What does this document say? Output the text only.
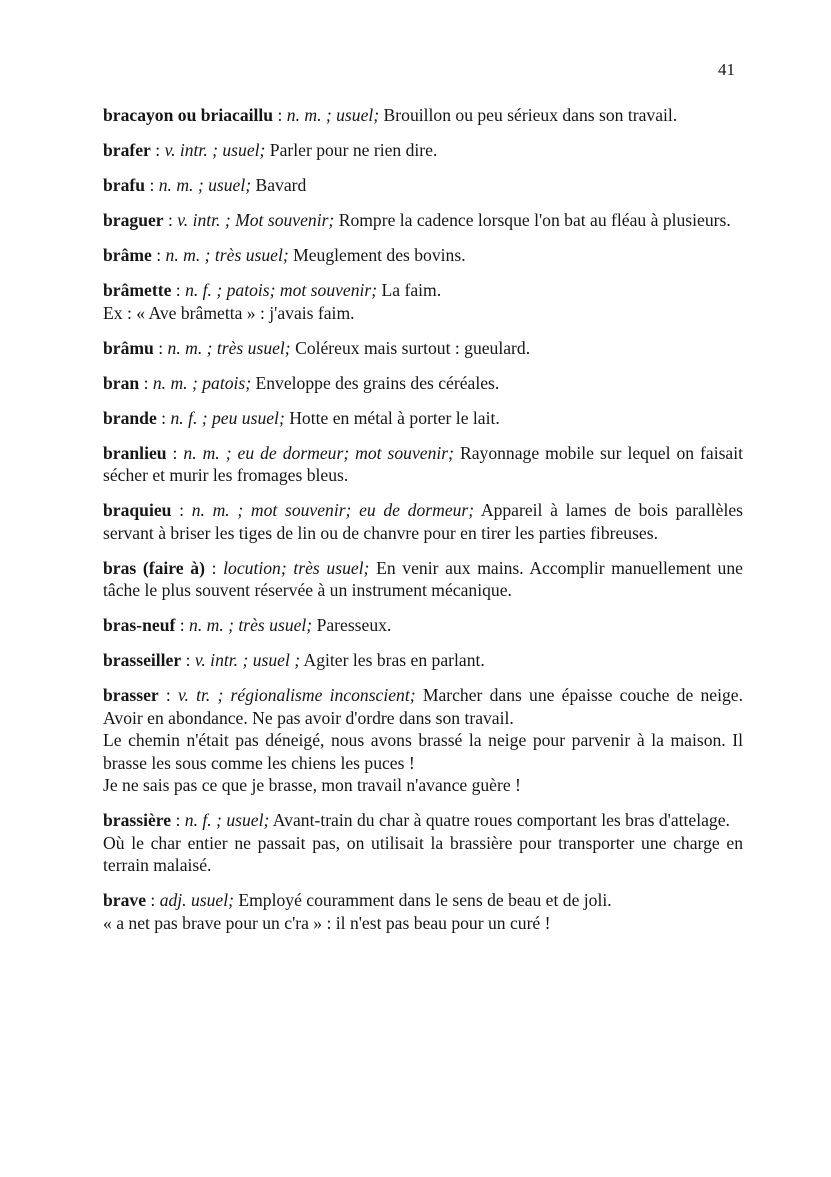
41
bracayon ou briacaillu : n. m. ; usuel; Brouillon ou peu sérieux dans son travail.
brafer : v. intr. ; usuel; Parler pour ne rien dire.
brafu : n. m. ; usuel; Bavard
braguer : v. intr. ; Mot souvenir; Rompre la cadence lorsque l'on bat au fléau à plusieurs.
brâme : n. m. ; très usuel; Meuglement des bovins.
brâmette : n. f. ; patois; mot souvenir; La faim.
Ex : « Ave brâmetta » : j'avais faim.
brâmu : n. m. ; très usuel; Coléreux mais surtout : gueulard.
bran : n. m. ; patois; Enveloppe des grains des céréales.
brande : n. f. ; peu usuel; Hotte en métal à porter le lait.
branlieu : n. m. ; eu de dormeur; mot souvenir; Rayonnage mobile sur lequel on faisait sécher et murir les fromages bleus.
braquieu : n. m. ; mot souvenir; eu de dormeur; Appareil à lames de bois parallèles servant à briser les tiges de lin ou de chanvre pour en tirer les parties fibreuses.
bras (faire à) : locution; très usuel; En venir aux mains. Accomplir manuellement une tâche le plus souvent réservée à un instrument mécanique.
bras-neuf : n. m. ; très usuel; Paresseux.
brasseiller : v. intr. ; usuel ; Agiter les bras en parlant.
brasser : v. tr. ; régionalisme inconscient; Marcher dans une épaisse couche de neige. Avoir en abondance. Ne pas avoir d'ordre dans son travail.
Le chemin n'était pas déneigé, nous avons brassé la neige pour parvenir à la maison. Il brasse les sous comme les chiens les puces !
Je ne sais pas ce que je brasse, mon travail n'avance guère !
brassière : n. f. ; usuel; Avant-train du char à quatre roues comportant les bras d'attelage.
Où le char entier ne passait pas, on utilisait la brassière pour transporter une charge en terrain malaisé.
brave : adj. usuel; Employé couramment dans le sens de beau et de joli.
« a net pas brave pour un c'ra » : il n'est pas beau pour un curé !
